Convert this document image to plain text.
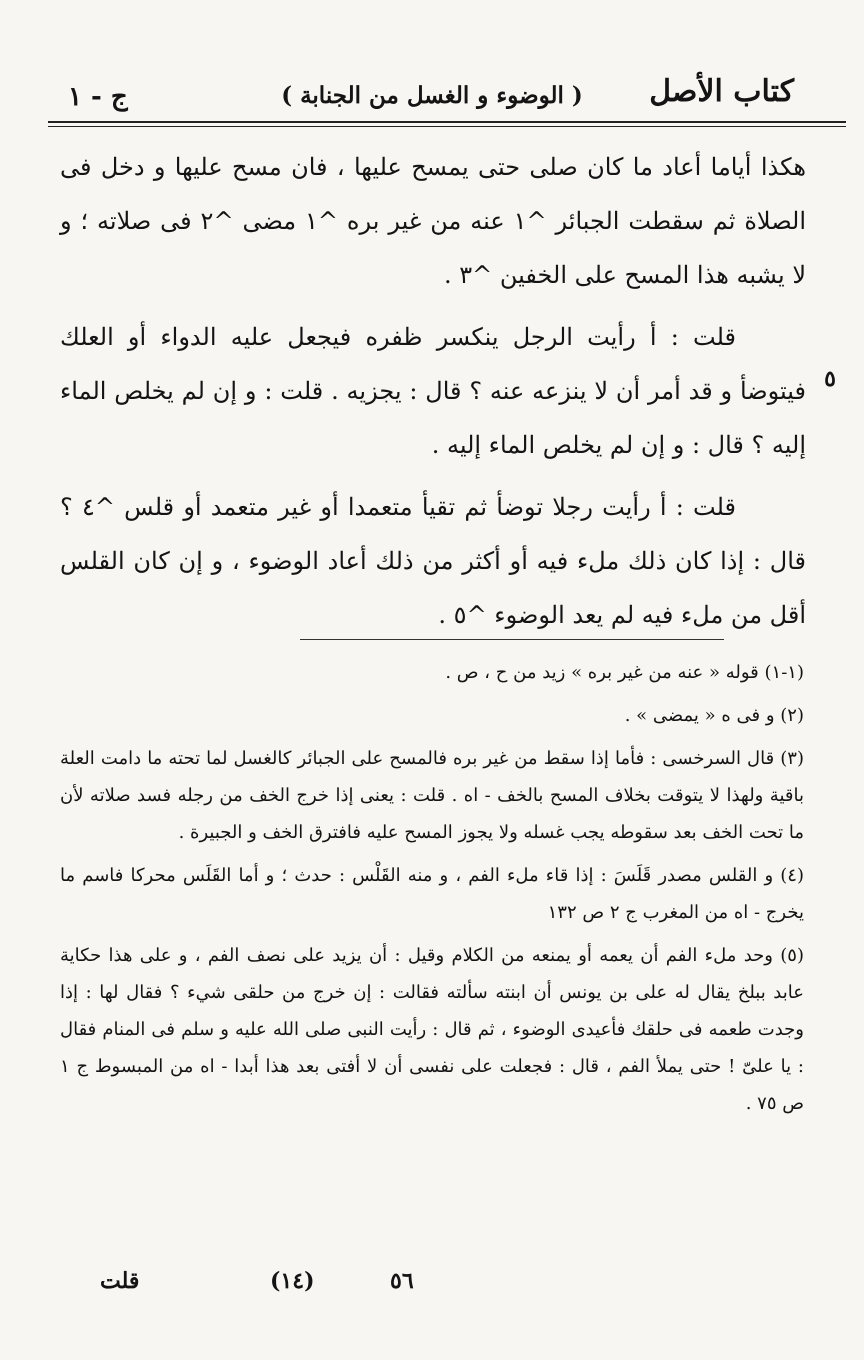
كتاب الأصل
( الوضوء و الغسل من الجنابة )
ج - ١

هكذا أياما أعاد ما كان صلى حتى يمسح عليها ، فان مسح عليها و دخل فى الصلاة ثم سقطت الجبائر ^١ عنه من غير بره ^١ مضى ^٢ فى صلاته ؛ و لا يشبه هذا المسح على الخفين ^٣ .

قلت : أ رأيت الرجل ينكسر ظفره فيجعل عليه الدواء أو العلك فيتوضأ و قد أمر أن لا ينزعه عنه ؟ قال : يجزيه . قلت : و إن لم يخلص الماء إليه ؟ قال : و إن لم يخلص الماء إليه .

قلت : أ رأيت رجلا توضأ ثم تقيأ متعمدا أو غير متعمد أو قلس ^٤ ؟ قال : إذا كان ذلك ملء فيه أو أكثر من ذلك أعاد الوضوء ، و إن كان القلس أقل من ملء فيه لم يعد الوضوء ^٥ .

٥

(١-١) قوله « عنه من غير بره » زيد من ح ، ص .

(٢) و فى ه « يمضى » .

(٣) قال السرخسى : فأما إذا سقط من غير بره فالمسح على الجبائر كالغسل لما تحته ما دامت العلة باقية ولهذا لا يتوقت بخلاف المسح بالخف - اه . قلت : يعنى إذا خرج الخف من رجله فسد صلاته لأن ما تحت الخف بعد سقوطه يجب غسله ولا يجوز المسح عليه فافترق الخف و الجبيرة .

(٤) و القلس مصدر قَلَسَ : إذا قاء ملء الفم ، و منه القَلْس : حدث ؛ و أما القَلَس محركا فاسم ما يخرج - اه من المغرب ج ٢ ص ١٣٢

(٥) وحد ملء الفم أن يعمه أو يمنعه من الكلام وقيل : أن يزيد على نصف الفم ، و على هذا حكاية عابد ببلخ يقال له على بن يونس أن ابنته سألته فقالت : إن خرج من حلقى شيء ؟ فقال لها : إذا وجدت طعمه فى حلقك فأعيدى الوضوء ، ثم قال : رأيت النبى صلى الله عليه و سلم فى المنام فقال : يا علىّ ! حتى يملأ الفم ، قال : فجعلت على نفسى أن لا أفتى بعد هذا أبدا - اه من المبسوط ج ١ ص ٧٥ .

٥٦
(١٤)
قلت
